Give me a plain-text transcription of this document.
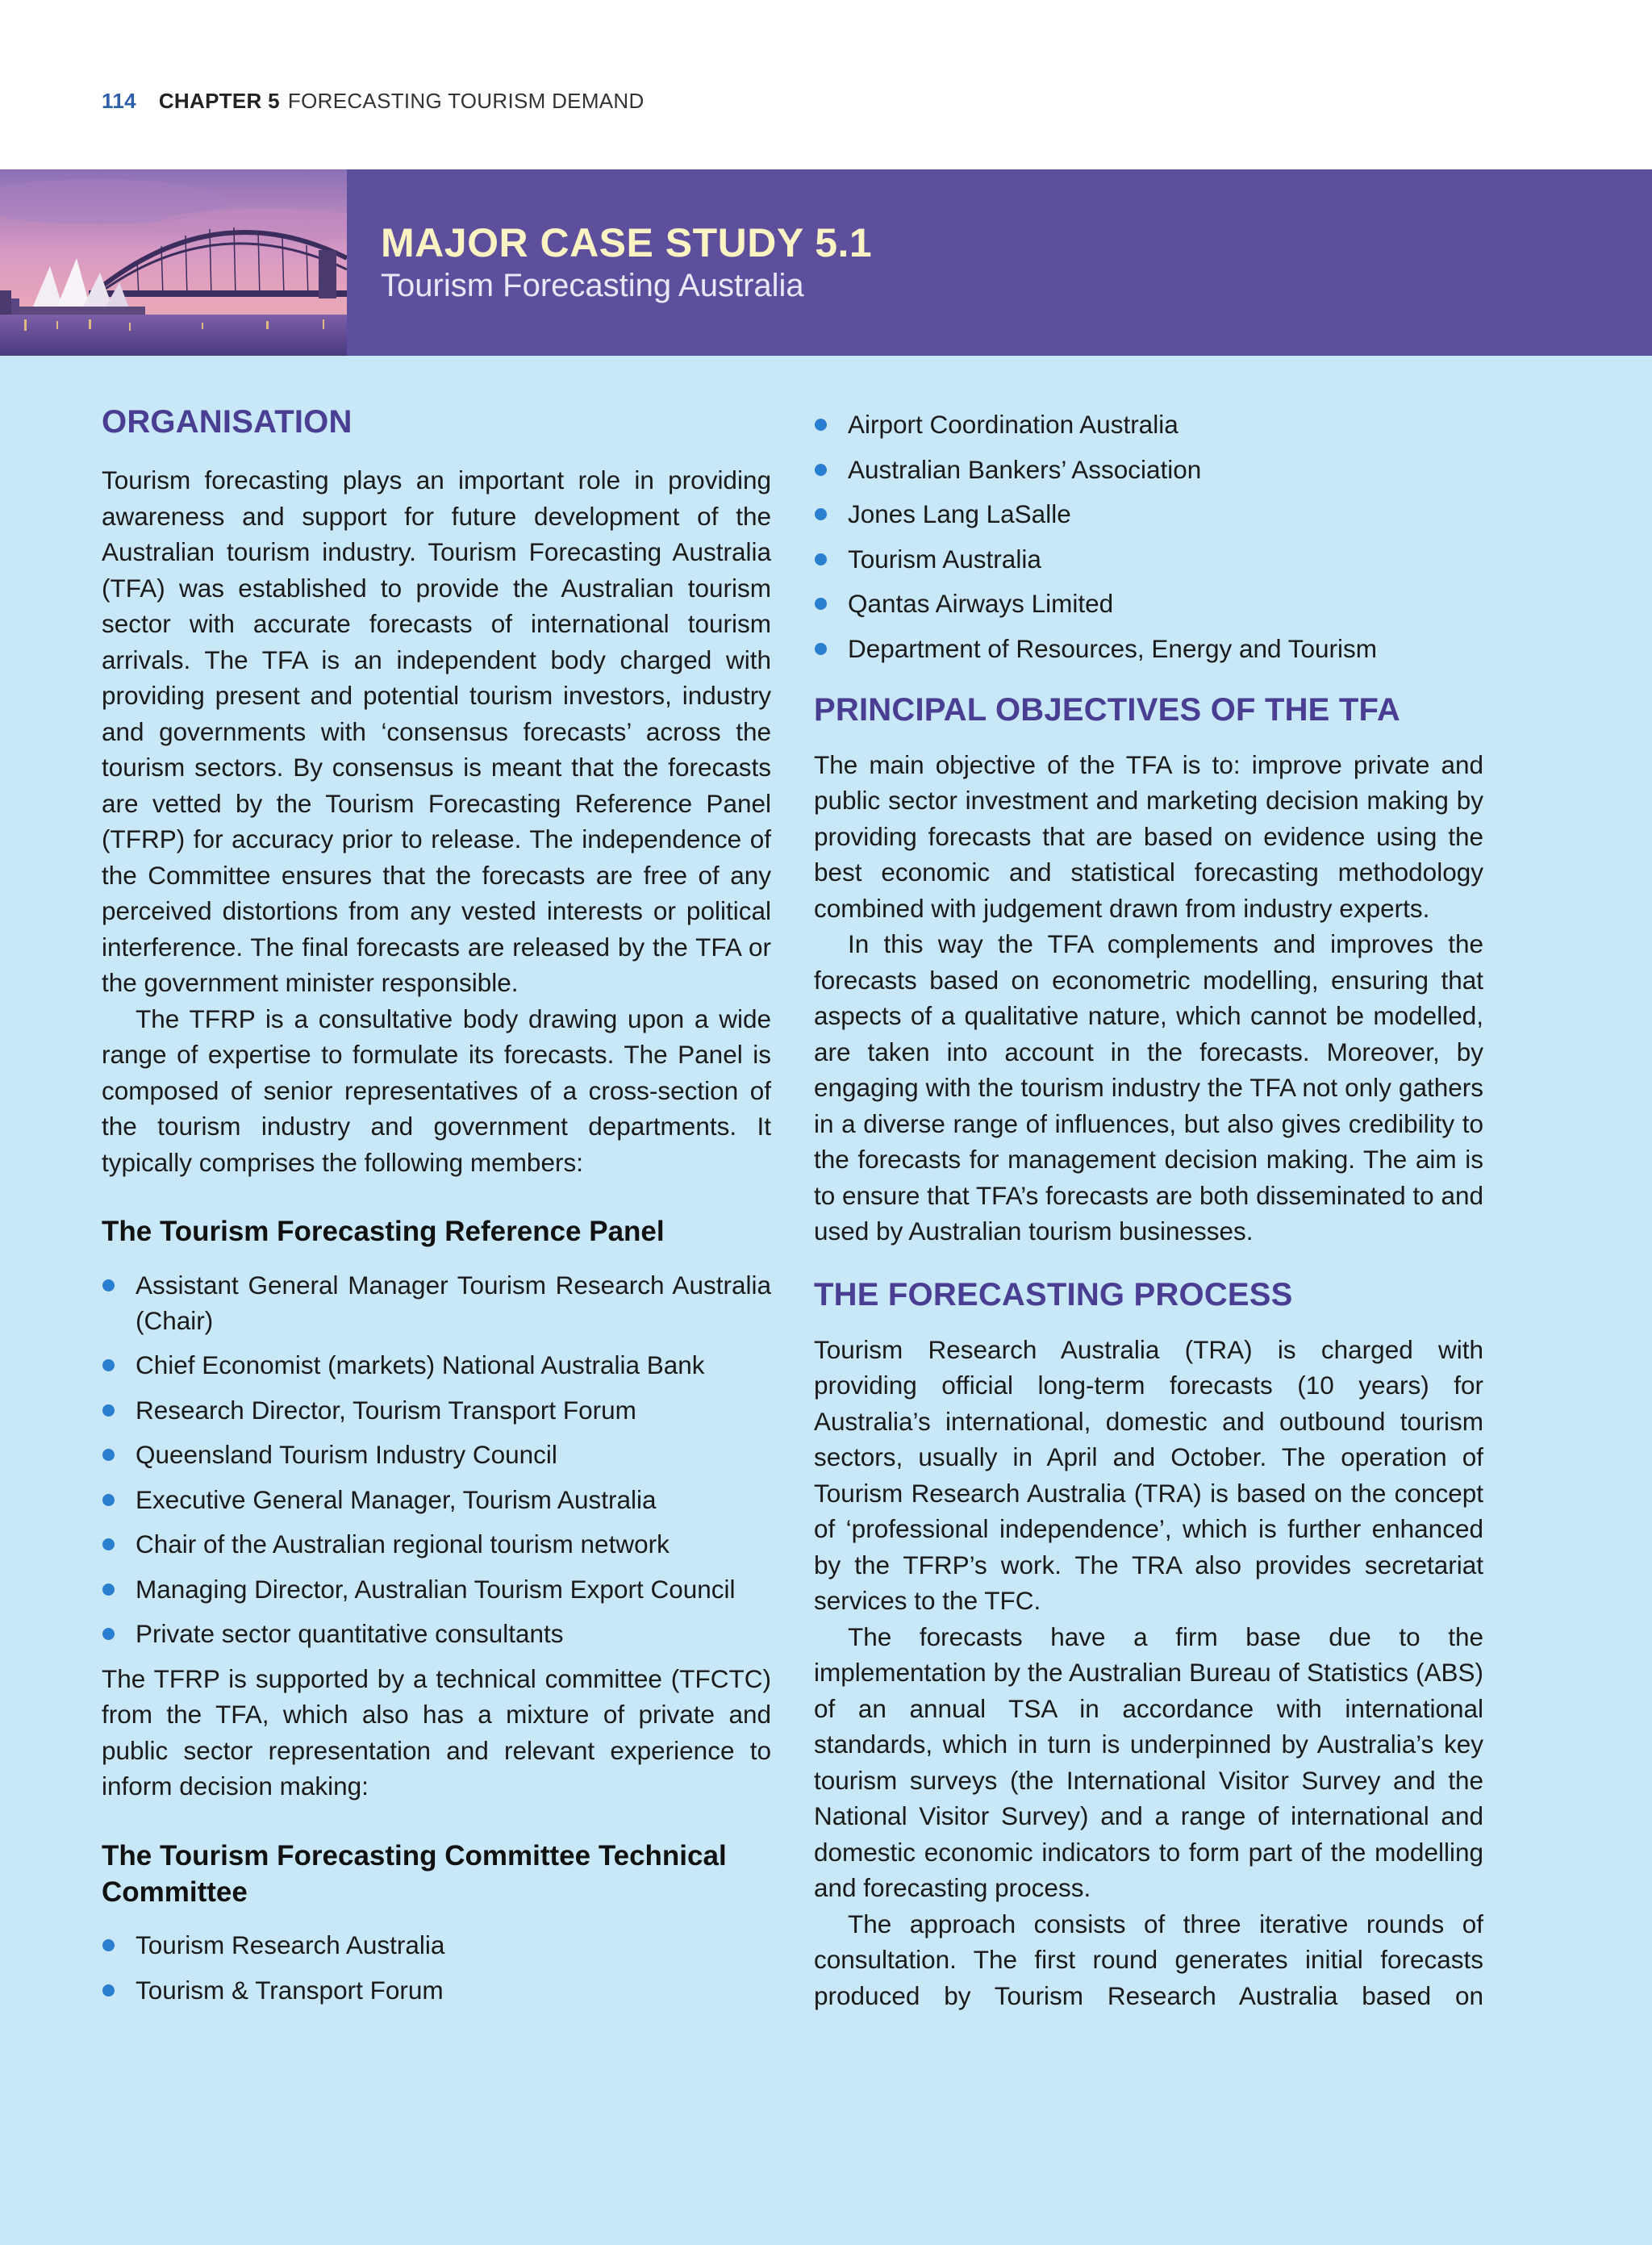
114 CHAPTER 5 FORECASTING TOURISM DEMAND
MAJOR CASE STUDY 5.1
Tourism Forecasting Australia
ORGANISATION

Tourism forecasting plays an important role in providing awareness and support for future development of the Australian tourism industry. Tourism Forecasting Australia (TFA) was established to provide the Australian tourism sector with accurate forecasts of international tourism arrivals. The TFA is an independent body charged with providing present and potential tourism investors, industry and governments with ‘consensus forecasts’ across the tourism sectors. By consensus is meant that the forecasts are vetted by the Tourism Forecasting Reference Panel (TFRP) for accuracy prior to release. The independence of the Committee ensures that the forecasts are free of any perceived distortions from any vested interests or political interference. The final forecasts are released by the TFA or the government minister responsible.

The TFRP is a consultative body drawing upon a wide range of expertise to formulate its forecasts. The Panel is composed of senior representatives of a cross-section of the tourism industry and government departments. It typically comprises the following members:

The Tourism Forecasting Reference Panel
Assistant General Manager Tourism Research Australia (Chair)
Chief Economist (markets) National Australia Bank
Research Director, Tourism Transport Forum
Queensland Tourism Industry Council
Executive General Manager, Tourism Australia
Chair of the Australian regional tourism network
Managing Director, Australian Tourism Export Council
Private sector quantitative consultants

The TFRP is supported by a technical committee (TFCTC) from the TFA, which also has a mixture of private and public sector representation and relevant experience to inform decision making:

The Tourism Forecasting Committee Technical Committee
Tourism Research Australia
Tourism & Transport Forum
Airport Coordination Australia
Australian Bankers’ Association
Jones Lang LaSalle
Tourism Australia
Qantas Airways Limited
Department of Resources, Energy and Tourism
PRINCIPAL OBJECTIVES OF THE TFA

The main objective of the TFA is to: improve private and public sector investment and marketing decision making by providing forecasts that are based on evidence using the best economic and statistical forecasting methodology combined with judgement drawn from industry experts.

In this way the TFA complements and improves the forecasts based on econometric modelling, ensuring that aspects of a qualitative nature, which cannot be modelled, are taken into account in the forecasts. Moreover, by engaging with the tourism industry the TFA not only gathers in a diverse range of influences, but also gives credibility to the forecasts for management decision making. The aim is to ensure that TFA’s forecasts are both disseminated to and used by Australian tourism businesses.

THE FORECASTING PROCESS

Tourism Research Australia (TRA) is charged with providing official long-term forecasts (10 years) for Australia’s international, domestic and outbound tourism sectors, usually in April and October. The operation of Tourism Research Australia (TRA) is based on the concept of ‘professional independence’, which is further enhanced by the TFRP’s work. The TRA also provides secretariat services to the TFC.

The forecasts have a firm base due to the implementation by the Australian Bureau of Statistics (ABS) of an annual TSA in accordance with international standards, which in turn is underpinned by Australia’s key tourism surveys (the International Visitor Survey and the National Visitor Survey) and a range of international and domestic economic indicators to form part of the modelling and forecasting process.

The approach consists of three iterative rounds of consultation. The first round generates initial forecasts produced by Tourism Research Australia based on
